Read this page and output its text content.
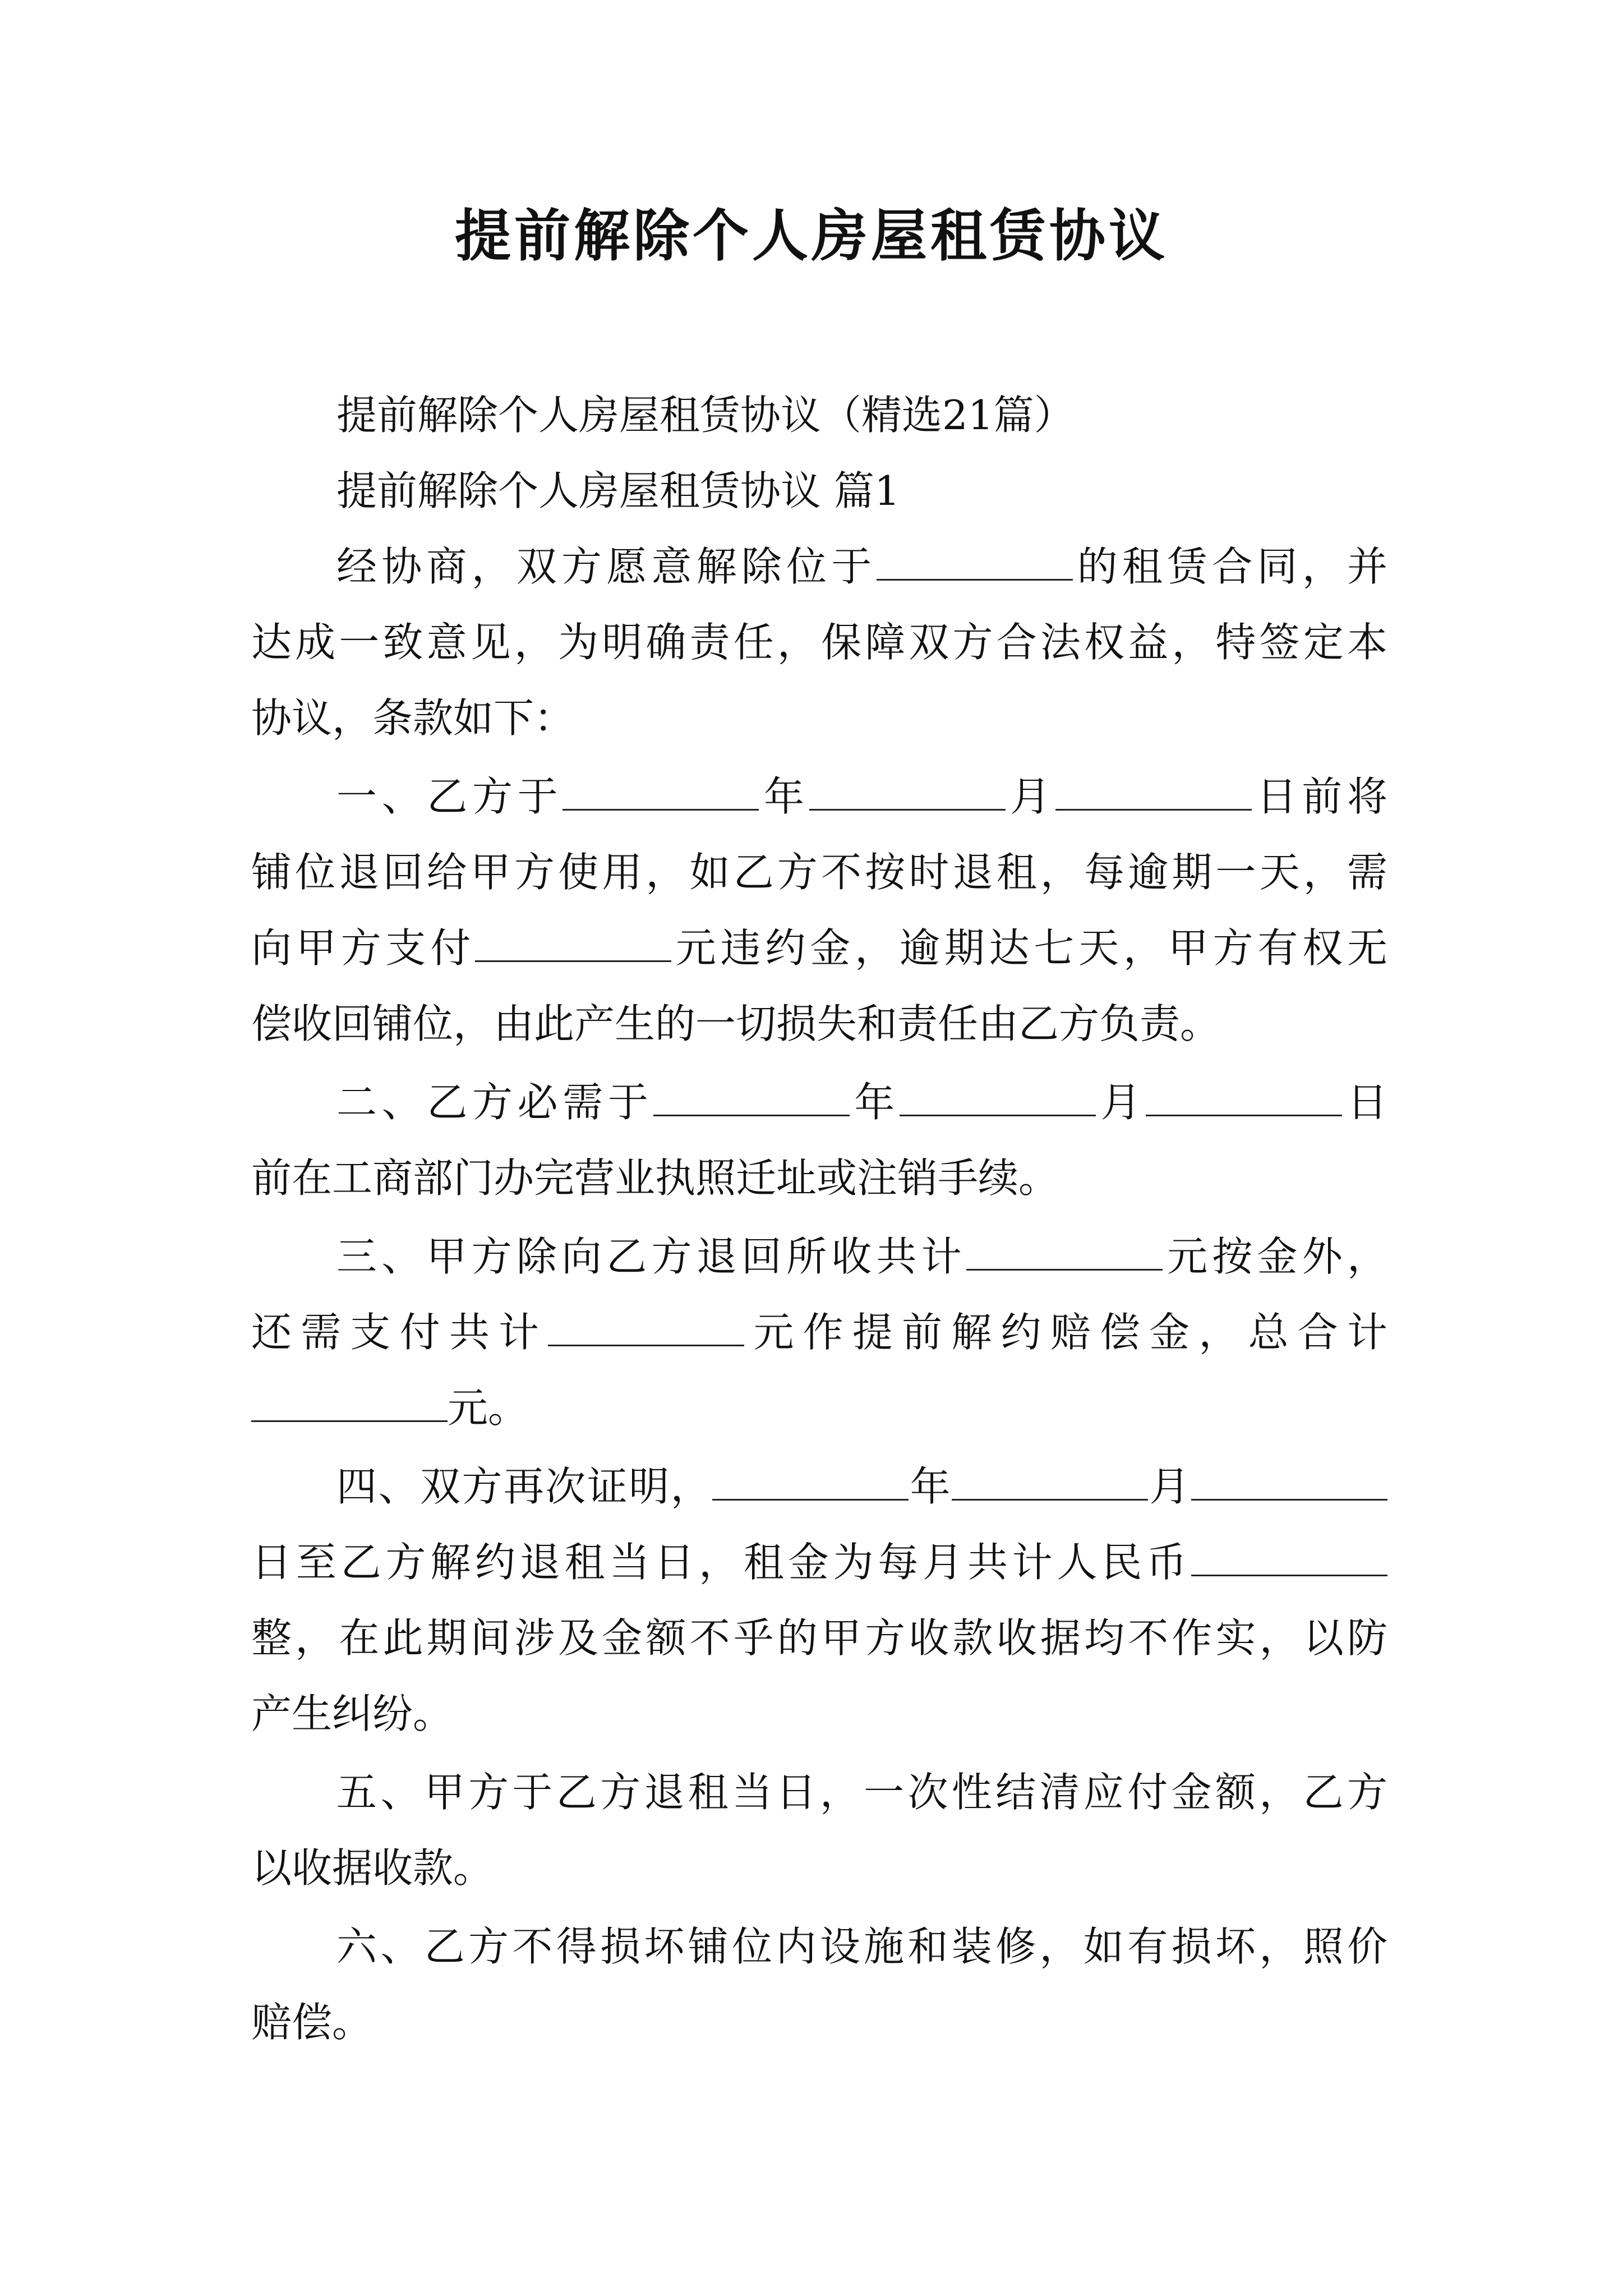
提前解除个人房屋租赁协议
提前解除个人房屋租赁协议（精选21篇）
提前解除个人房屋租赁协议 篇1
经协商，双方愿意解除位于	的租赁合同，并
达成一致意见，为明确责任，保障双方合法权益，特签定本
协议，条款如下：
一、乙方于	年	月	日前将
铺位退回给甲方使用，如乙方不按时退租，每逾期一天，需
向甲方支付	元违约金，逾期达七天，甲方有权无
偿收回铺位，由此产生的一切损失和责任由乙方负责。
二、乙方必需于	年	月	日
前在工商部门办完营业执照迁址或注销手续。
三、甲方除向乙方退回所收共计	元按金外，
还需支付共计	元作提前解约赔偿金，总合计
元。
四、双方再次证明，	年	月
日至乙方解约退租当日，租金为每月共计人民币
整，在此期间涉及金额不乎的甲方收款收据均不作实，以防
产生纠纷。
五、甲方于乙方退租当日，一次性结清应付金额，乙方
以收据收款。
六、乙方不得损坏铺位内设施和装修，如有损坏，照价
赔偿。
